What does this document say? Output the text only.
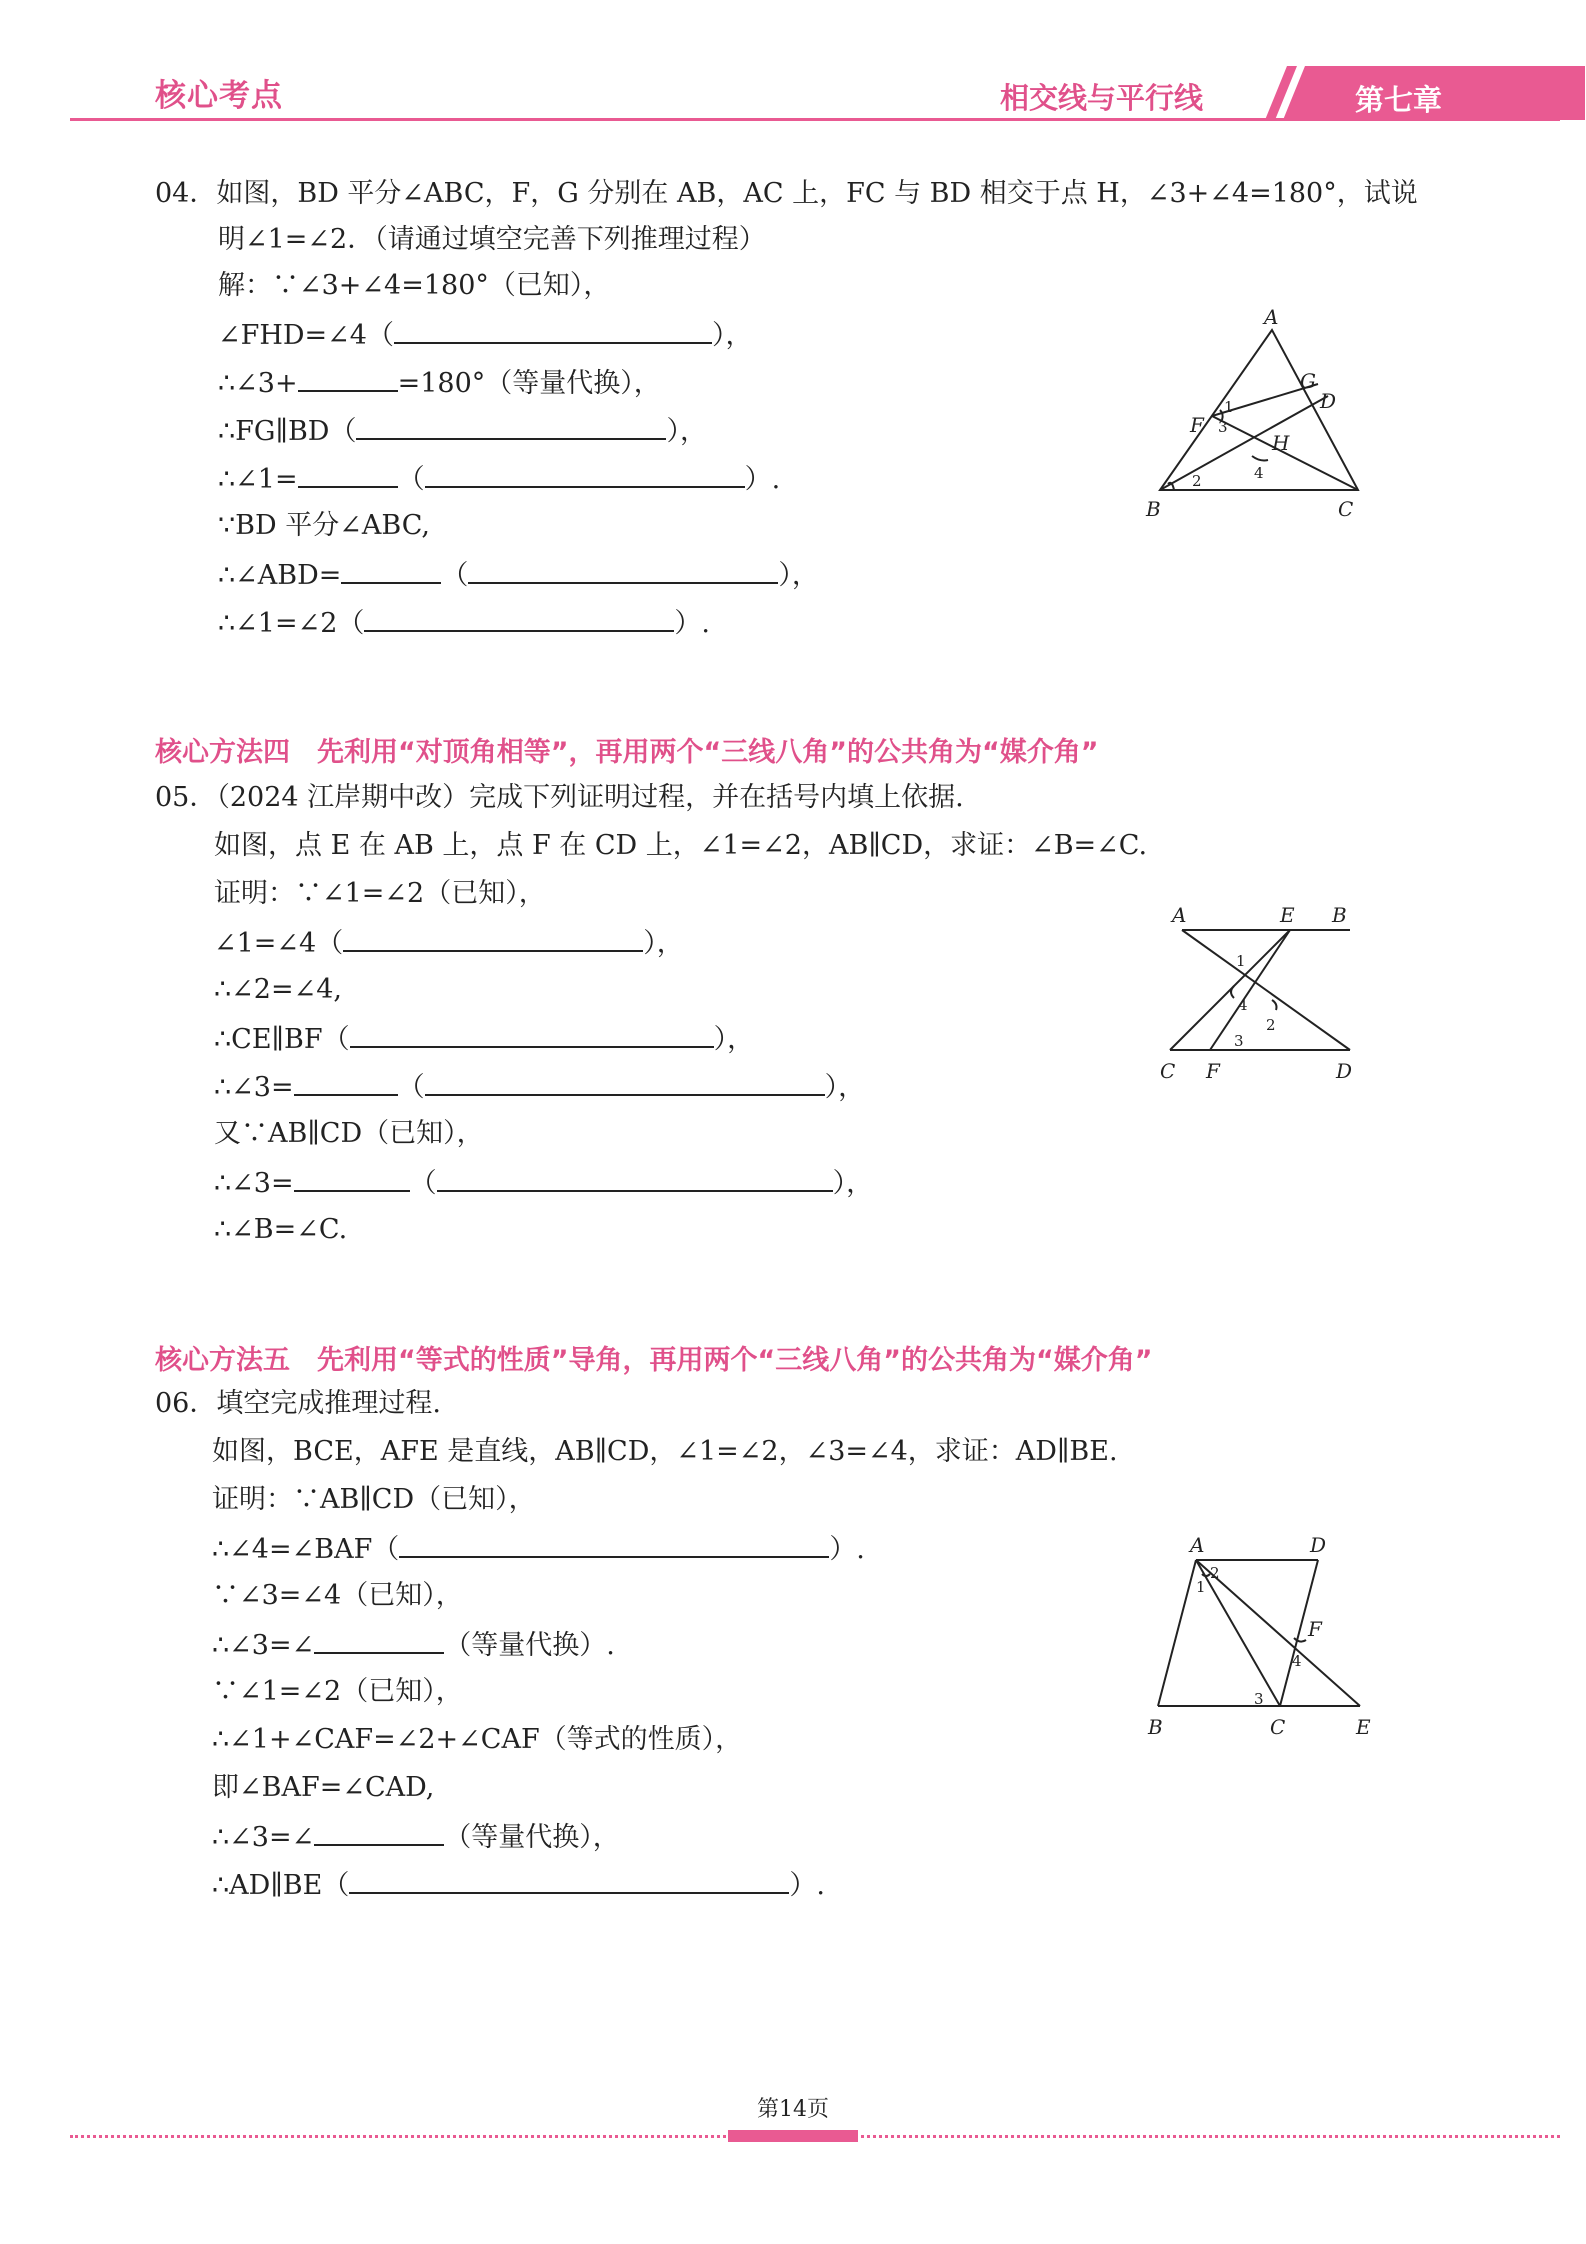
核心考点	相交线与平行线	第七章
04．如图，BD 平分∠ABC，F，G 分别在 AB，AC 上，FC 与 BD 相交于点 H，∠3+∠4=180°，试说
明∠1=∠2．（请通过填空完善下列推理过程）
解：∵∠3+∠4=180°（已知），
∠FHD=∠4（	），
∴∠3+	=180°（等量代换），
∴FG∥BD（	），
∴∠1=	（	）.
∵BD 平分∠ABC,
∴∠ABD=	（	），
∴∠1=∠2（	）.
A
B	C
D
F
G
H
1
2
3
4
核心方法四　先利用“对顶角相等”，再用两个“三线八角”的公共角为“媒介角”
05．（2024 江岸期中改）完成下列证明过程，并在括号内填上依据.
如图，点 E 在 AB 上，点 F 在 CD 上，∠1=∠2，AB∥CD，求证：∠B=∠C.
证明：∵∠1=∠2（已知），
∠1=∠4（	），
∴∠2=∠4,
∴CE∥BF（	），
∴∠3=	（	），
又∵AB∥CD（已知），
∴∠3=	（	），
∴∠B=∠C.
A	E B
C F	D
1
2
3
4
核心方法五　先利用“等式的性质”导角，再用两个“三线八角”的公共角为“媒介角”
06．填空完成推理过程.
如图，BCE，AFE 是直线，AB∥CD，∠1=∠2，∠3=∠4，求证：AD∥BE.
证明：∵AB∥CD（已知），
∴∠4=∠BAF（	）.
∵∠3=∠4（已知），
∴∠3=∠	（等量代换）.
∵∠1=∠2（已知），
∴∠1+∠CAF=∠2+∠CAF（等式的性质），
即∠BAF=∠CAD,
∴∠3=∠	（等量代换），
∴AD∥BE（	）.
A	D
F
B	C	E
1
2
3
4
第14页
